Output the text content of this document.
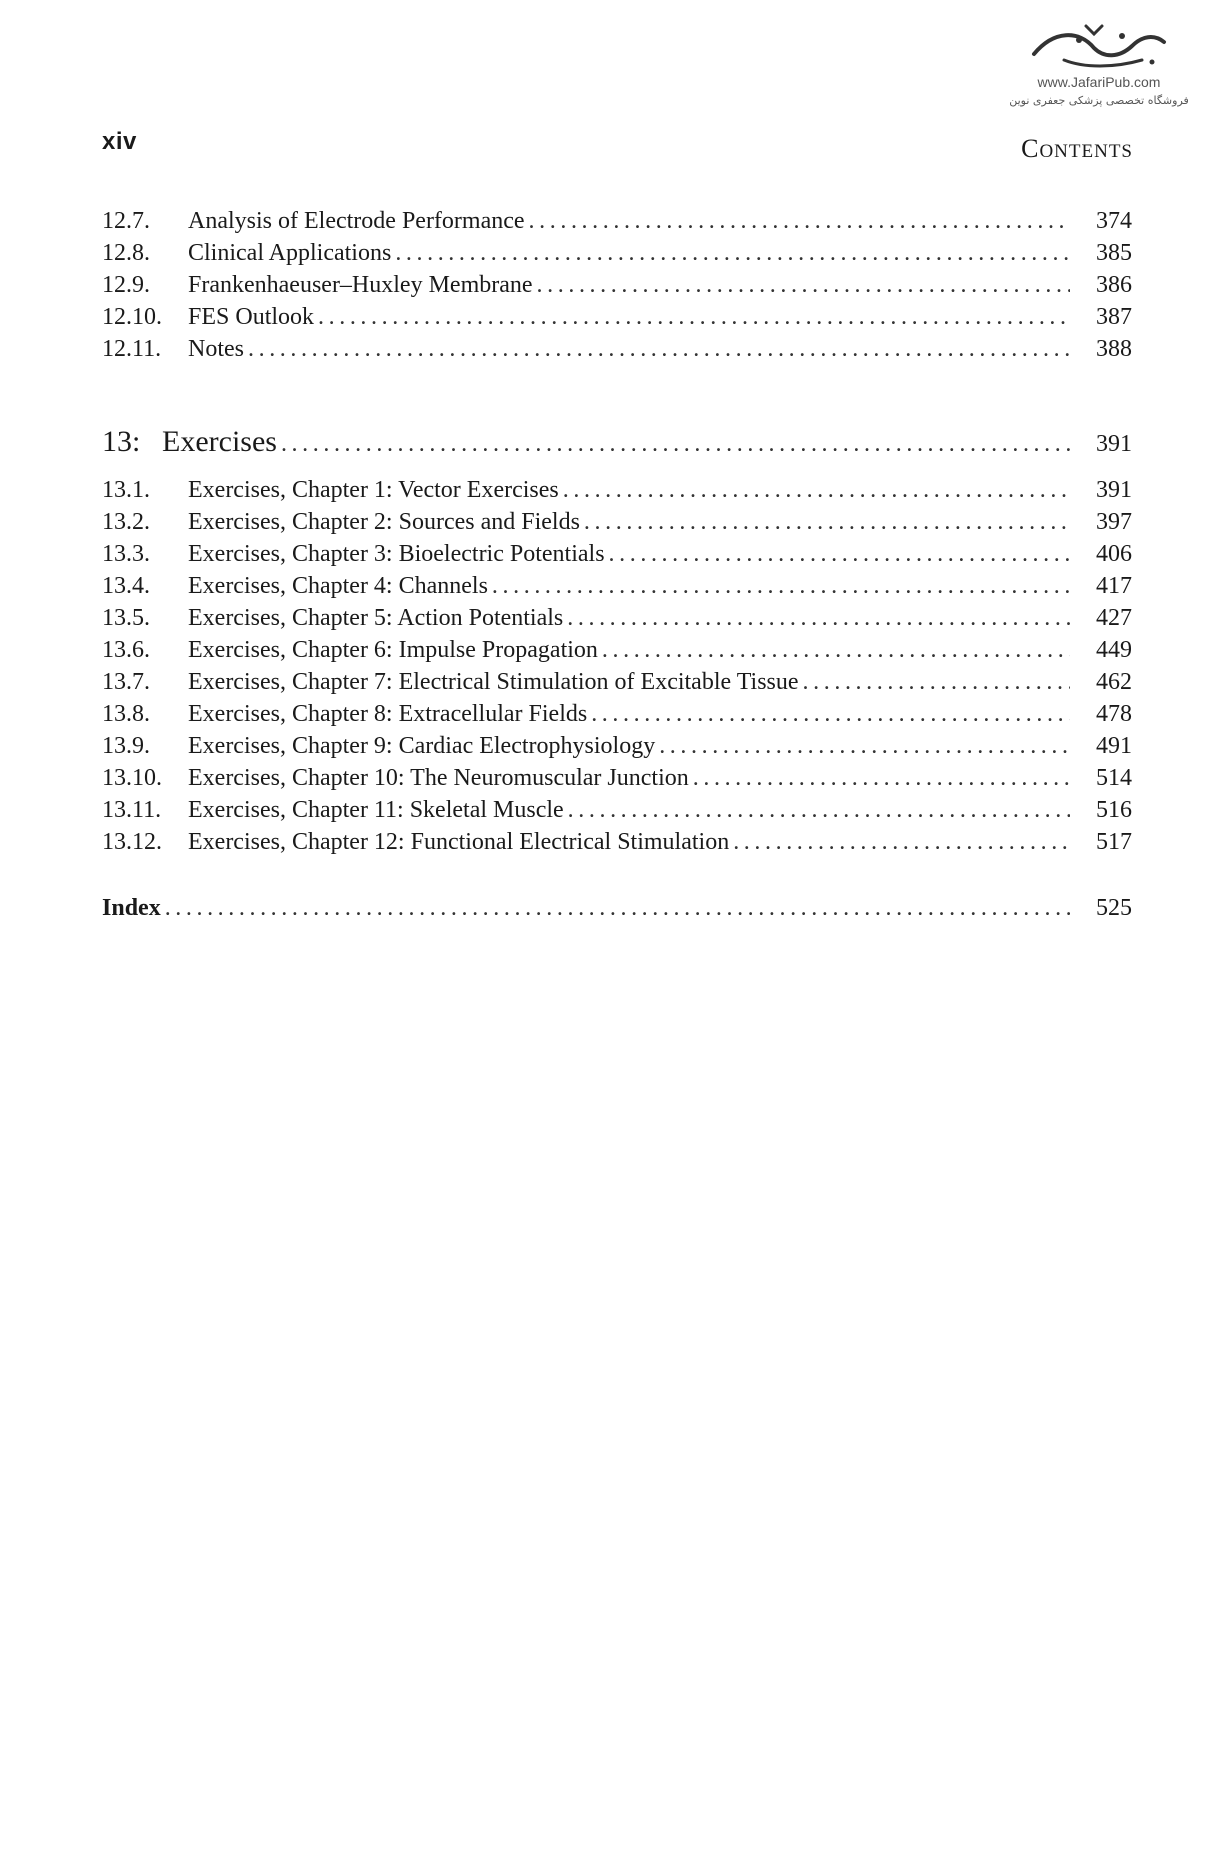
xiv
www.JafariPub.com
فروشگاه تخصصی پزشکی جعفری نوین
CONTENTS
12.7.	Analysis of Electrode Performance .....	374
12.8.	Clinical Applications .....	385
12.9.	Frankenhaeuser–Huxley Membrane .....	386
12.10.	FES Outlook .....	387
12.11.	Notes .....	388
13: Exercises .....	391
13.1.	Exercises, Chapter 1: Vector Exercises .....	391
13.2.	Exercises, Chapter 2: Sources and Fields .....	397
13.3.	Exercises, Chapter 3: Bioelectric Potentials .....	406
13.4.	Exercises, Chapter 4: Channels .....	417
13.5.	Exercises, Chapter 5: Action Potentials .....	427
13.6.	Exercises, Chapter 6: Impulse Propagation .....	449
13.7.	Exercises, Chapter 7: Electrical Stimulation of Excitable Tissue .....	462
13.8.	Exercises, Chapter 8: Extracellular Fields .....	478
13.9.	Exercises, Chapter 9: Cardiac Electrophysiology .....	491
13.10.	Exercises, Chapter 10: The Neuromuscular Junction .....	514
13.11.	Exercises, Chapter 11: Skeletal Muscle .....	516
13.12.	Exercises, Chapter 12: Functional Electrical Stimulation .....	517
Index .....	525
